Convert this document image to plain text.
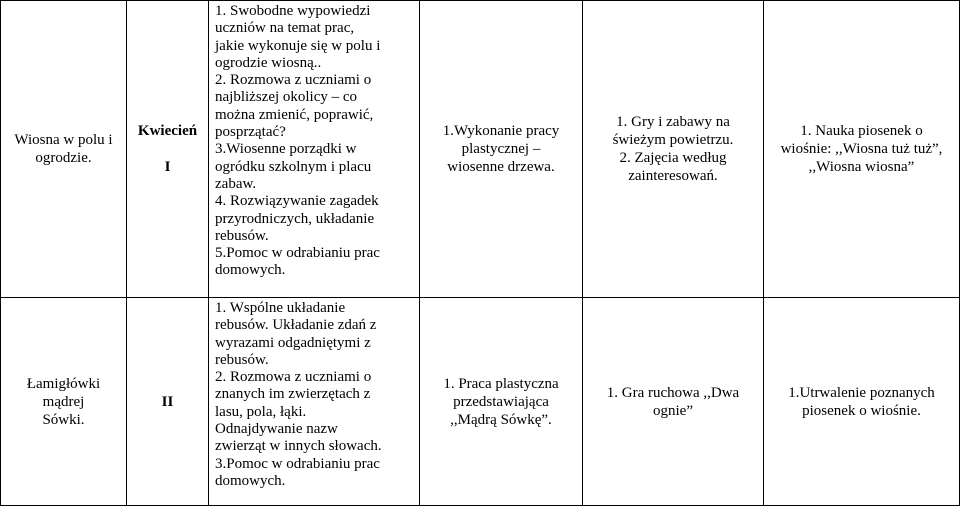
Wiosna w polu i
ogrodzie.
Kwiecień

I
1. Swobodne wypowiedzi
uczniów na temat prac,
jakie wykonuje się w polu i
ogrodzie wiosną..
2. Rozmowa z uczniami o
najbliższej okolicy – co
można zmienić, poprawić,
posprzątać?
3.Wiosenne porządki w
ogródku szkolnym i placu
zabaw.
4. Rozwiązywanie zagadek
przyrodniczych, układanie
rebusów.
5.Pomoc w odrabianiu prac
domowych.
1.Wykonanie pracy
plastycznej –
wiosenne drzewa.
1. Gry i zabawy na
świeżym powietrzu.
2. Zajęcia według
zainteresowań.
1. Nauka piosenek o
wiośnie: ,,Wiosna tuż tuż”,
,,Wiosna wiosna”
Łamigłówki
mądrej
Sówki.
II
1. Wspólne układanie
rebusów. Układanie zdań z
wyrazami odgadniętymi z
rebusów.
2. Rozmowa z uczniami o
znanych im zwierzętach z
lasu, pola, łąki.
Odnajdywanie nazw
zwierząt w innych słowach.
3.Pomoc w odrabianiu prac
domowych.
1. Praca plastyczna
przedstawiająca
,,Mądrą Sówkę”.
1. Gra ruchowa ,,Dwa
ognie”
1.Utrwalenie poznanych
piosenek o wiośnie.
